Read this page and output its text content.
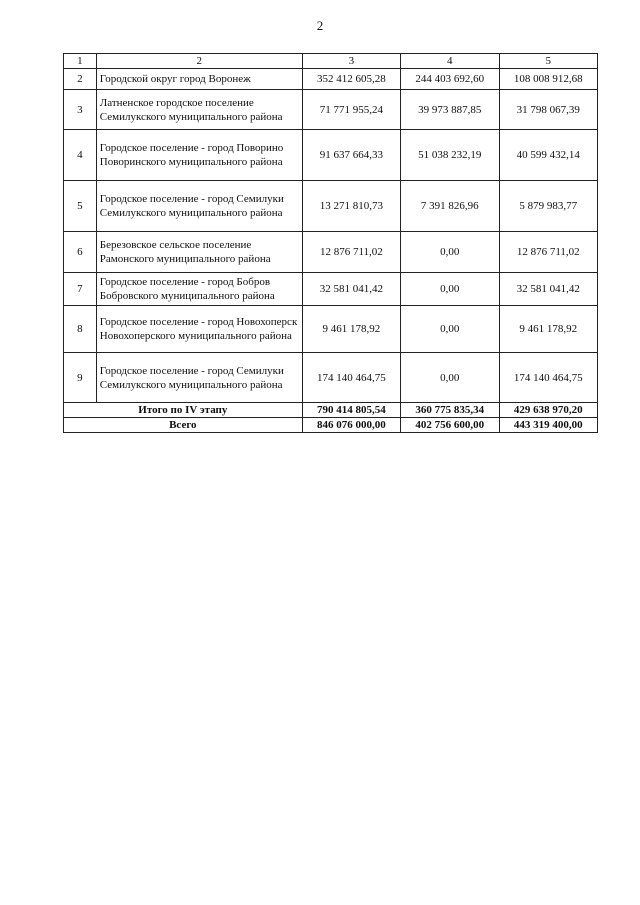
2
1	2	3	4	5
2	Городской округ город Воронеж	352 412 605,28	244 403 692,60	108 008 912,68
3	Латненское городское поселение Семилукского муниципального района	71 771 955,24	39 973 887,85	31 798 067,39
4	Городское поселение - город Поворино Поворинского муниципального района	91 637 664,33	51 038 232,19	40 599 432,14
5	Городское поселение - город Семилуки Семилукского муниципального района	13 271 810,73	7 391 826,96	5 879 983,77
6	Березовское сельское поселение Рамонского муниципального района	12 876 711,02	0,00	12 876 711,02
7	Городское поселение - город Бобров Бобровского муниципального района	32 581 041,42	0,00	32 581 041,42
8	Городское поселение - город Новохоперск Новохоперского муниципального района	9 461 178,92	0,00	9 461 178,92
9	Городское поселение - город Семилуки Семилукского муниципального района	174 140 464,75	0,00	174 140 464,75
Итого по IV этапу		790 414 805,54	360 775 835,34	429 638 970,20
Всего		846 076 000,00	402 756 600,00	443 319 400,00
